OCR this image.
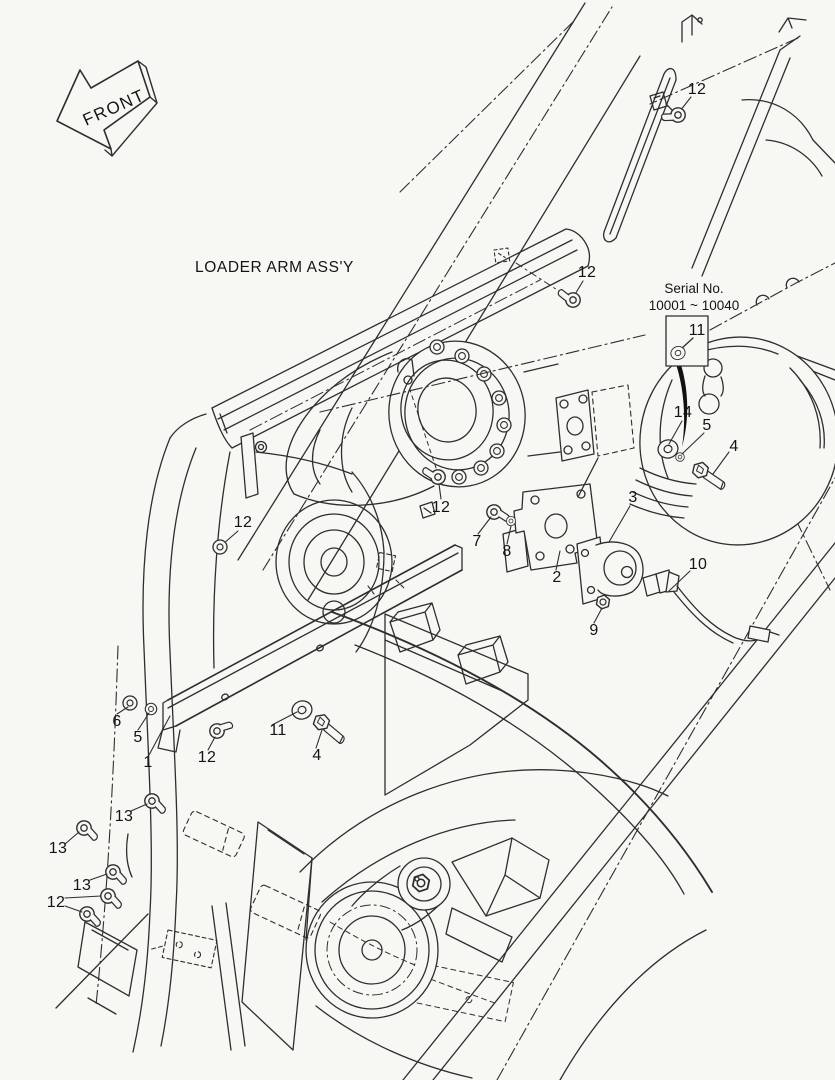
FRONT
LOADER ARM ASS'Y
Serial No.
10001 ~ 10040
11
12
12
12
12
14
5
4
3
7
8
2
9
10
6
5
1	12
11
4
13
13
13
12
